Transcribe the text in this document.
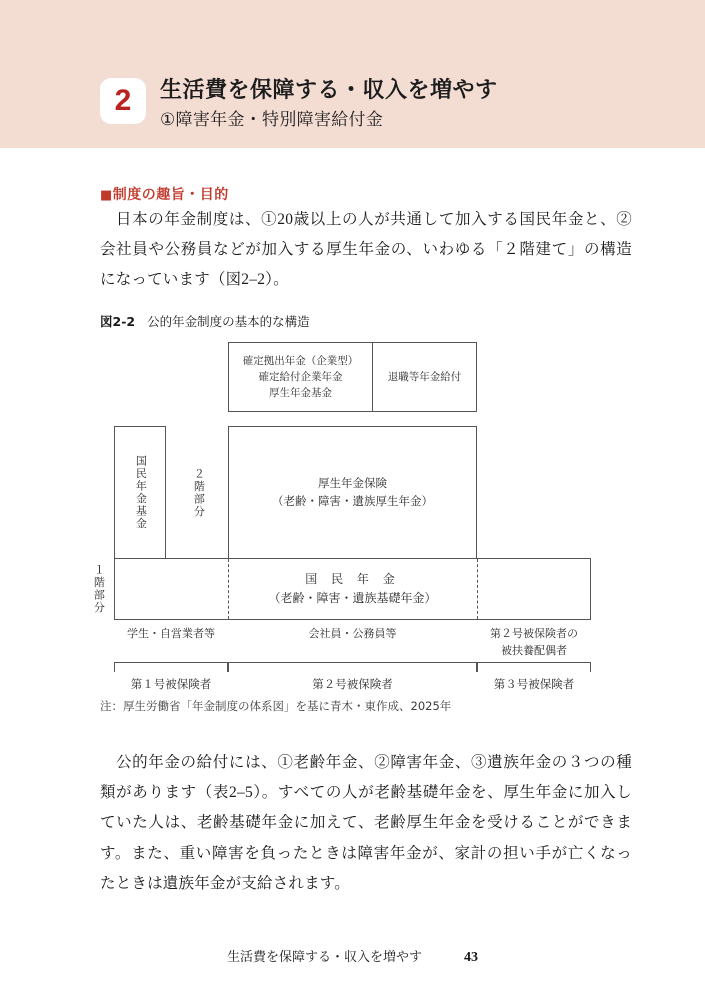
2 生活費を保障する・収入を増やす
①障害年金・特別障害給付金
■制度の趣旨・目的

日本の年金制度は、①20歳以上の人が共通して加入する国民年金と、②会社員や公務員などが加入する厚生年金の、いわゆる「２階建て」の構造になっています（図2–2）。

図2-2 公的年金制度の基本的な構造
確定拠出年金（企業型）
確定給付企業年金
厚生年金基金
退職等年金給付
国民年金基金	２階部分	厚生年金保険
（老齢・障害・遺族厚生年金）
１階部分	国 民 年 金
（老齢・障害・遺族基礎年金）
学生・自営業者等	会社員・公務員等	第２号被保険者の
被扶養配偶者
第１号被保険者	第２号被保険者	第３号被保険者
注：厚生労働省「年金制度の体系図」を基に青木・東作成、2025年

公的年金の給付には、①老齢年金、②障害年金、③遺族年金の３つの種類があります（表2–5）。すべての人が老齢基礎年金を、厚生年金に加入していた人は、老齢基礎年金に加えて、老齢厚生年金を受けることができます。また、重い障害を負ったときは障害年金が、家計の担い手が亡くなったときは遺族年金が支給されます。

生活費を保障する・収入を増やす	43
